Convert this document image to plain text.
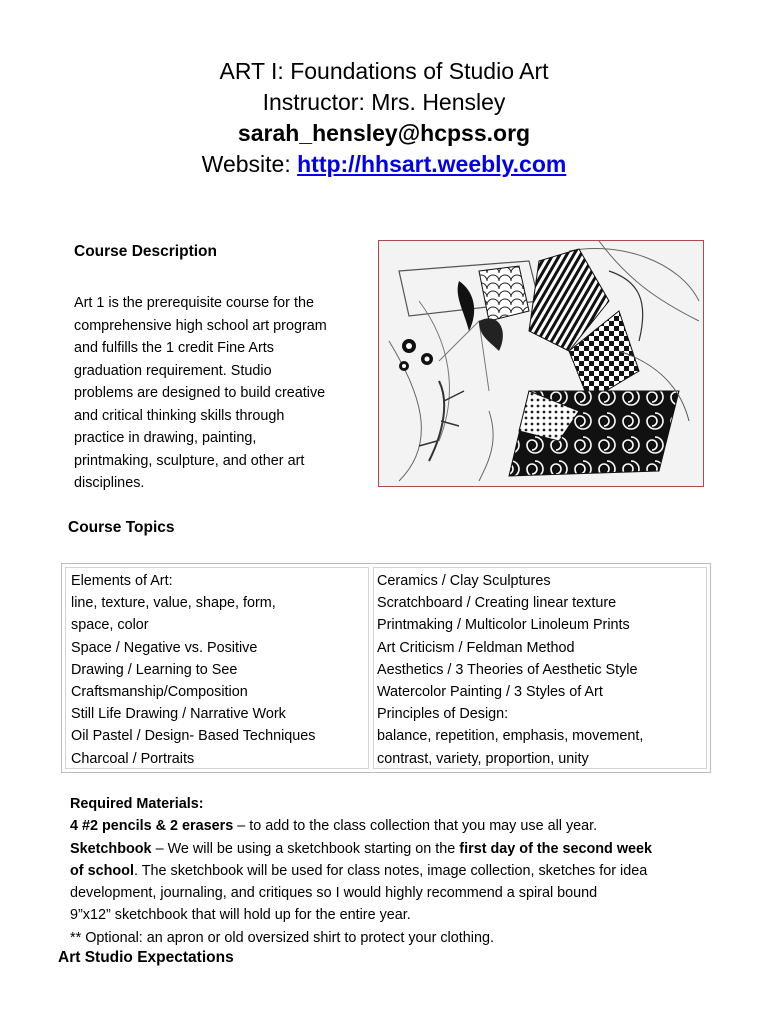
ART I: Foundations of Studio Art
Instructor: Mrs. Hensley
sarah_hensley@hcpss.org
Website: http://hhsart.weebly.com
Course Description
Art 1 is the prerequisite course for the
comprehensive high school art program
and fulfills the 1 credit Fine Arts
graduation requirement. Studio
problems are designed to build creative
and critical thinking skills through
practice in drawing, painting,
printmaking, sculpture, and other art
disciplines.
Course Topics
Elements of Art:
line, texture, value, shape, form,
space, color
Space / Negative vs. Positive
Drawing / Learning to See
Craftsmanship/Composition
Still Life Drawing / Narrative Work
Oil Pastel / Design- Based Techniques
Charcoal / Portraits
Ceramics / Clay Sculptures
Scratchboard / Creating linear texture
Printmaking / Multicolor Linoleum Prints
Art Criticism / Feldman Method
Aesthetics / 3 Theories of Aesthetic Style
Watercolor Painting / 3 Styles of Art
Principles of Design:
balance, repetition, emphasis, movement,
contrast, variety, proportion, unity
Required Materials:
4 #2 pencils & 2 erasers – to add to the class collection that you may use all year.
Sketchbook – We will be using a sketchbook starting on the first day of the second week
of school. The sketchbook will be used for class notes, image collection, sketches for idea
development, journaling, and critiques so I would highly recommend a spiral bound
9”x12” sketchbook that will hold up for the entire year.
** Optional: an apron or old oversized shirt to protect your clothing.
Art Studio Expectations
